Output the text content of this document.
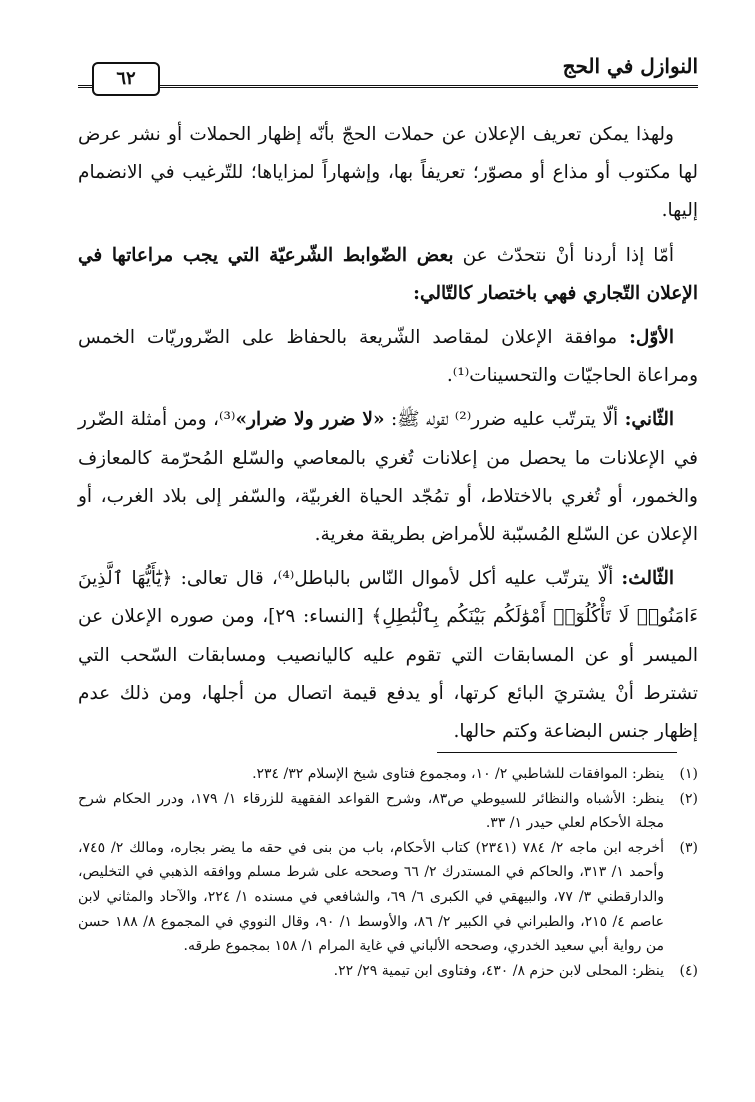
النوازل في الحج
٦٢

ولهذا يمكن تعريف الإعلان عن حملات الحجّ بأنّه إظهار الحملات أو نشر عرض لها مكتوب أو مذاع أو مصوّر؛ تعريفاً بها، وإشهاراً لمزاياها؛ للتّرغيب في الانضمام إليها.

أمّا إذا أردنا أنْ نتحدّث عن بعض الضّوابط الشّرعيّة التي يجب مراعاتها في الإعلان التّجاري فهي باختصار كالتّالي:

الأوّل: موافقة الإعلان لمقاصد الشّريعة بالحفاظ على الضّروريّات الخمس ومراعاة الحاجيّات والتحسينات⁽¹⁾.

الثّاني: ألّا يترتّب عليه ضرر⁽²⁾ لقوله ﷺ: «لا ضرر ولا ضرار»⁽³⁾، ومن أمثلة الضّرر في الإعلانات ما يحصل من إعلانات تُغري بالمعاصي والسّلع المُحرّمة كالمعازف والخمور، أو تُغري بالاختلاط، أو تمُجّد الحياة الغربيّة، والسّفر إلى بلاد الغرب، أو الإعلان عن السّلع المُسبّبة للأمراض بطريقة مغرية.

الثّالث: ألّا يترتّب عليه أكل لأموال النّاس بالباطل⁽⁴⁾، قال تعالى: ﴿يَٰٓأَيُّهَا ٱلَّذِينَ ءَامَنُوا۟ لَا تَأْكُلُوٓا۟ أَمْوَٰلَكُم بَيْنَكُم بِٱلْبَٰطِلِ﴾ [النساء: ٢٩]، ومن صوره الإعلان عن الميسر أو عن المسابقات التي تقوم عليه كاليانصيب ومسابقات السّحب التي تشترط أنْ يشتريَ البائع كرتها، أو يدفع قيمة اتصال من أجلها، ومن ذلك عدم إظهار جنس البضاعة وكتم حالها.

(١)
ينظر: الموافقات للشاطبي ٢/ ١٠، ومجموع فتاوى شيخ الإسلام ٣٢/ ٢٣٤.
(٢)
ينظر: الأشباه والنظائر للسيوطي ص٨٣، وشرح القواعد الفقهية للزرقاء ١/ ١٧٩، ودرر الحكام شرح مجلة الأحكام لعلي حيدر ١/ ٣٣.
(٣)
أخرجه ابن ماجه ٢/ ٧٨٤ (٢٣٤١) كتاب الأحكام، باب من بنى في حقه ما يضر بجاره، ومالك ٢/ ٧٤٥، وأحمد ١/ ٣١٣، والحاكم في المستدرك ٢/ ٦٦ وصححه على شرط مسلم ووافقه الذهبي في التخليص، والدارقطني ٣/ ٧٧، والبيهقي في الكبرى ٦/ ٦٩، والشافعي في مسنده ١/ ٢٢٤، والآحاد والمثاني لابن عاصم ٤/ ٢١٥، والطبراني في الكبير ٢/ ٨٦، والأوسط ١/ ٩٠، وقال النووي في المجموع ٨/ ١٨٨ حسن من رواية أبي سعيد الخدري، وصححه الألباني في غاية المرام ١/ ١٥٨ بمجموع طرقه.
(٤)
ينظر: المحلى لابن حزم ٨/ ٤٣٠، وفتاوى ابن تيمية ٢٩/ ٢٢.
